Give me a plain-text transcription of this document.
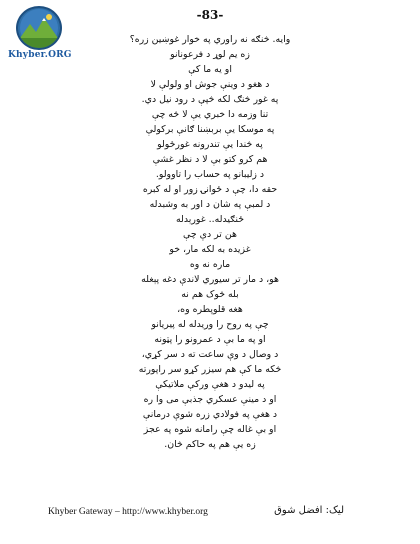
Khyber.ORG
-83-
وایه. څنګه نه راوري په خوار غوښین زره؟
زه یم لوړ د فرعونانو
او یه ما کې
د هغو د وینې جوش او ولولې لا
په غور څنګ لکه څپې د رود نیل دي.
تنا وزمه دا خبري یې لا څه چې
په موسکا یې بربښنا ګانې برکولې
په څندا یې تندرونه غورځولو
هم کرو کتو بې لا د نظر غشې
د زلیبانو په حساب را تاوولو.
حقه دا، چې د ځوانۍ زور او له کبره
د لمبې په شان د اور به وشبدله
ځنګیدله.. غورېدله
هن تر دې چې
غزیده به لکه مار، خو
ماره نه وه
هو، د مار تر سیوري لاندې دغه پېغله
بله څوک هم نه
هغه قلوپطره وه،
چې په روح را وریدله له پیریانو
او په ما بې د عمرونو را پټونه
د وصال د وې ساعت ته د سر کړي،
څکه ما کې هم سیزر کړو سر راپورته
په لیدو د هغې ورکې ملاتیکې
او د مینې عسکري جذبې می وا ره
د هغې په فولادي زره شوې درمانې
او بې غاله چې رامانه شوه په عجز
زه یې هم په حاکم څان.
Khyber Gateway – http://www.khyber.org	لیک: افضل شوق
